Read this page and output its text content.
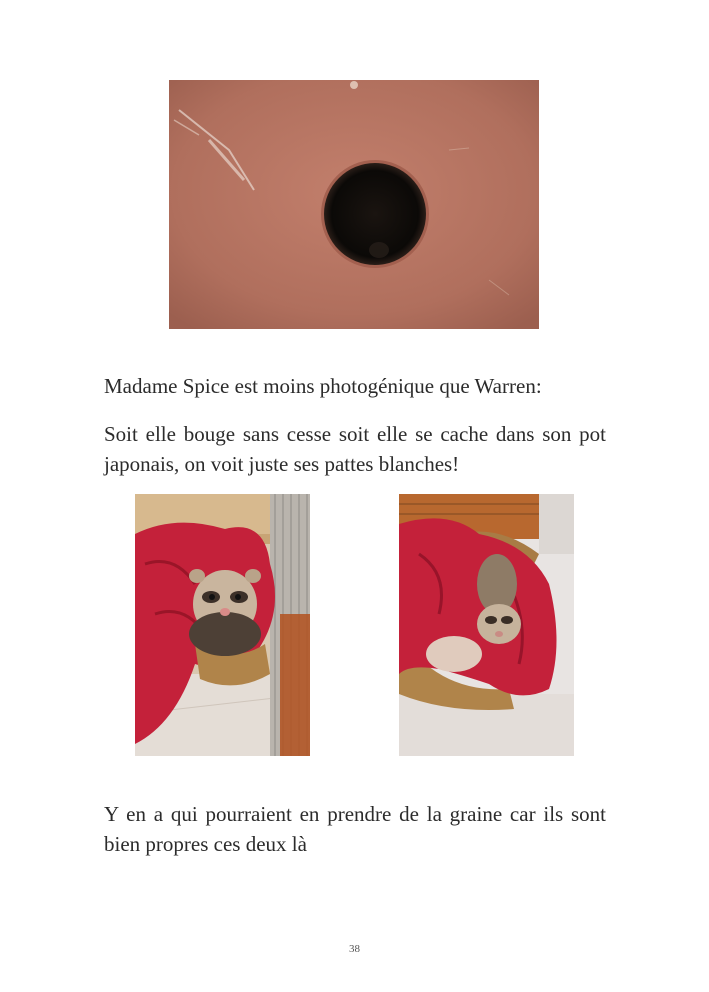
Madame Spice est moins photogénique que Warren:

Soit elle bouge sans cesse soit elle se cache dans son pot japonais, on voit juste ses pattes blanches!

Y en a qui pourraient en prendre de la graine car ils sont bien propres ces deux là

38
